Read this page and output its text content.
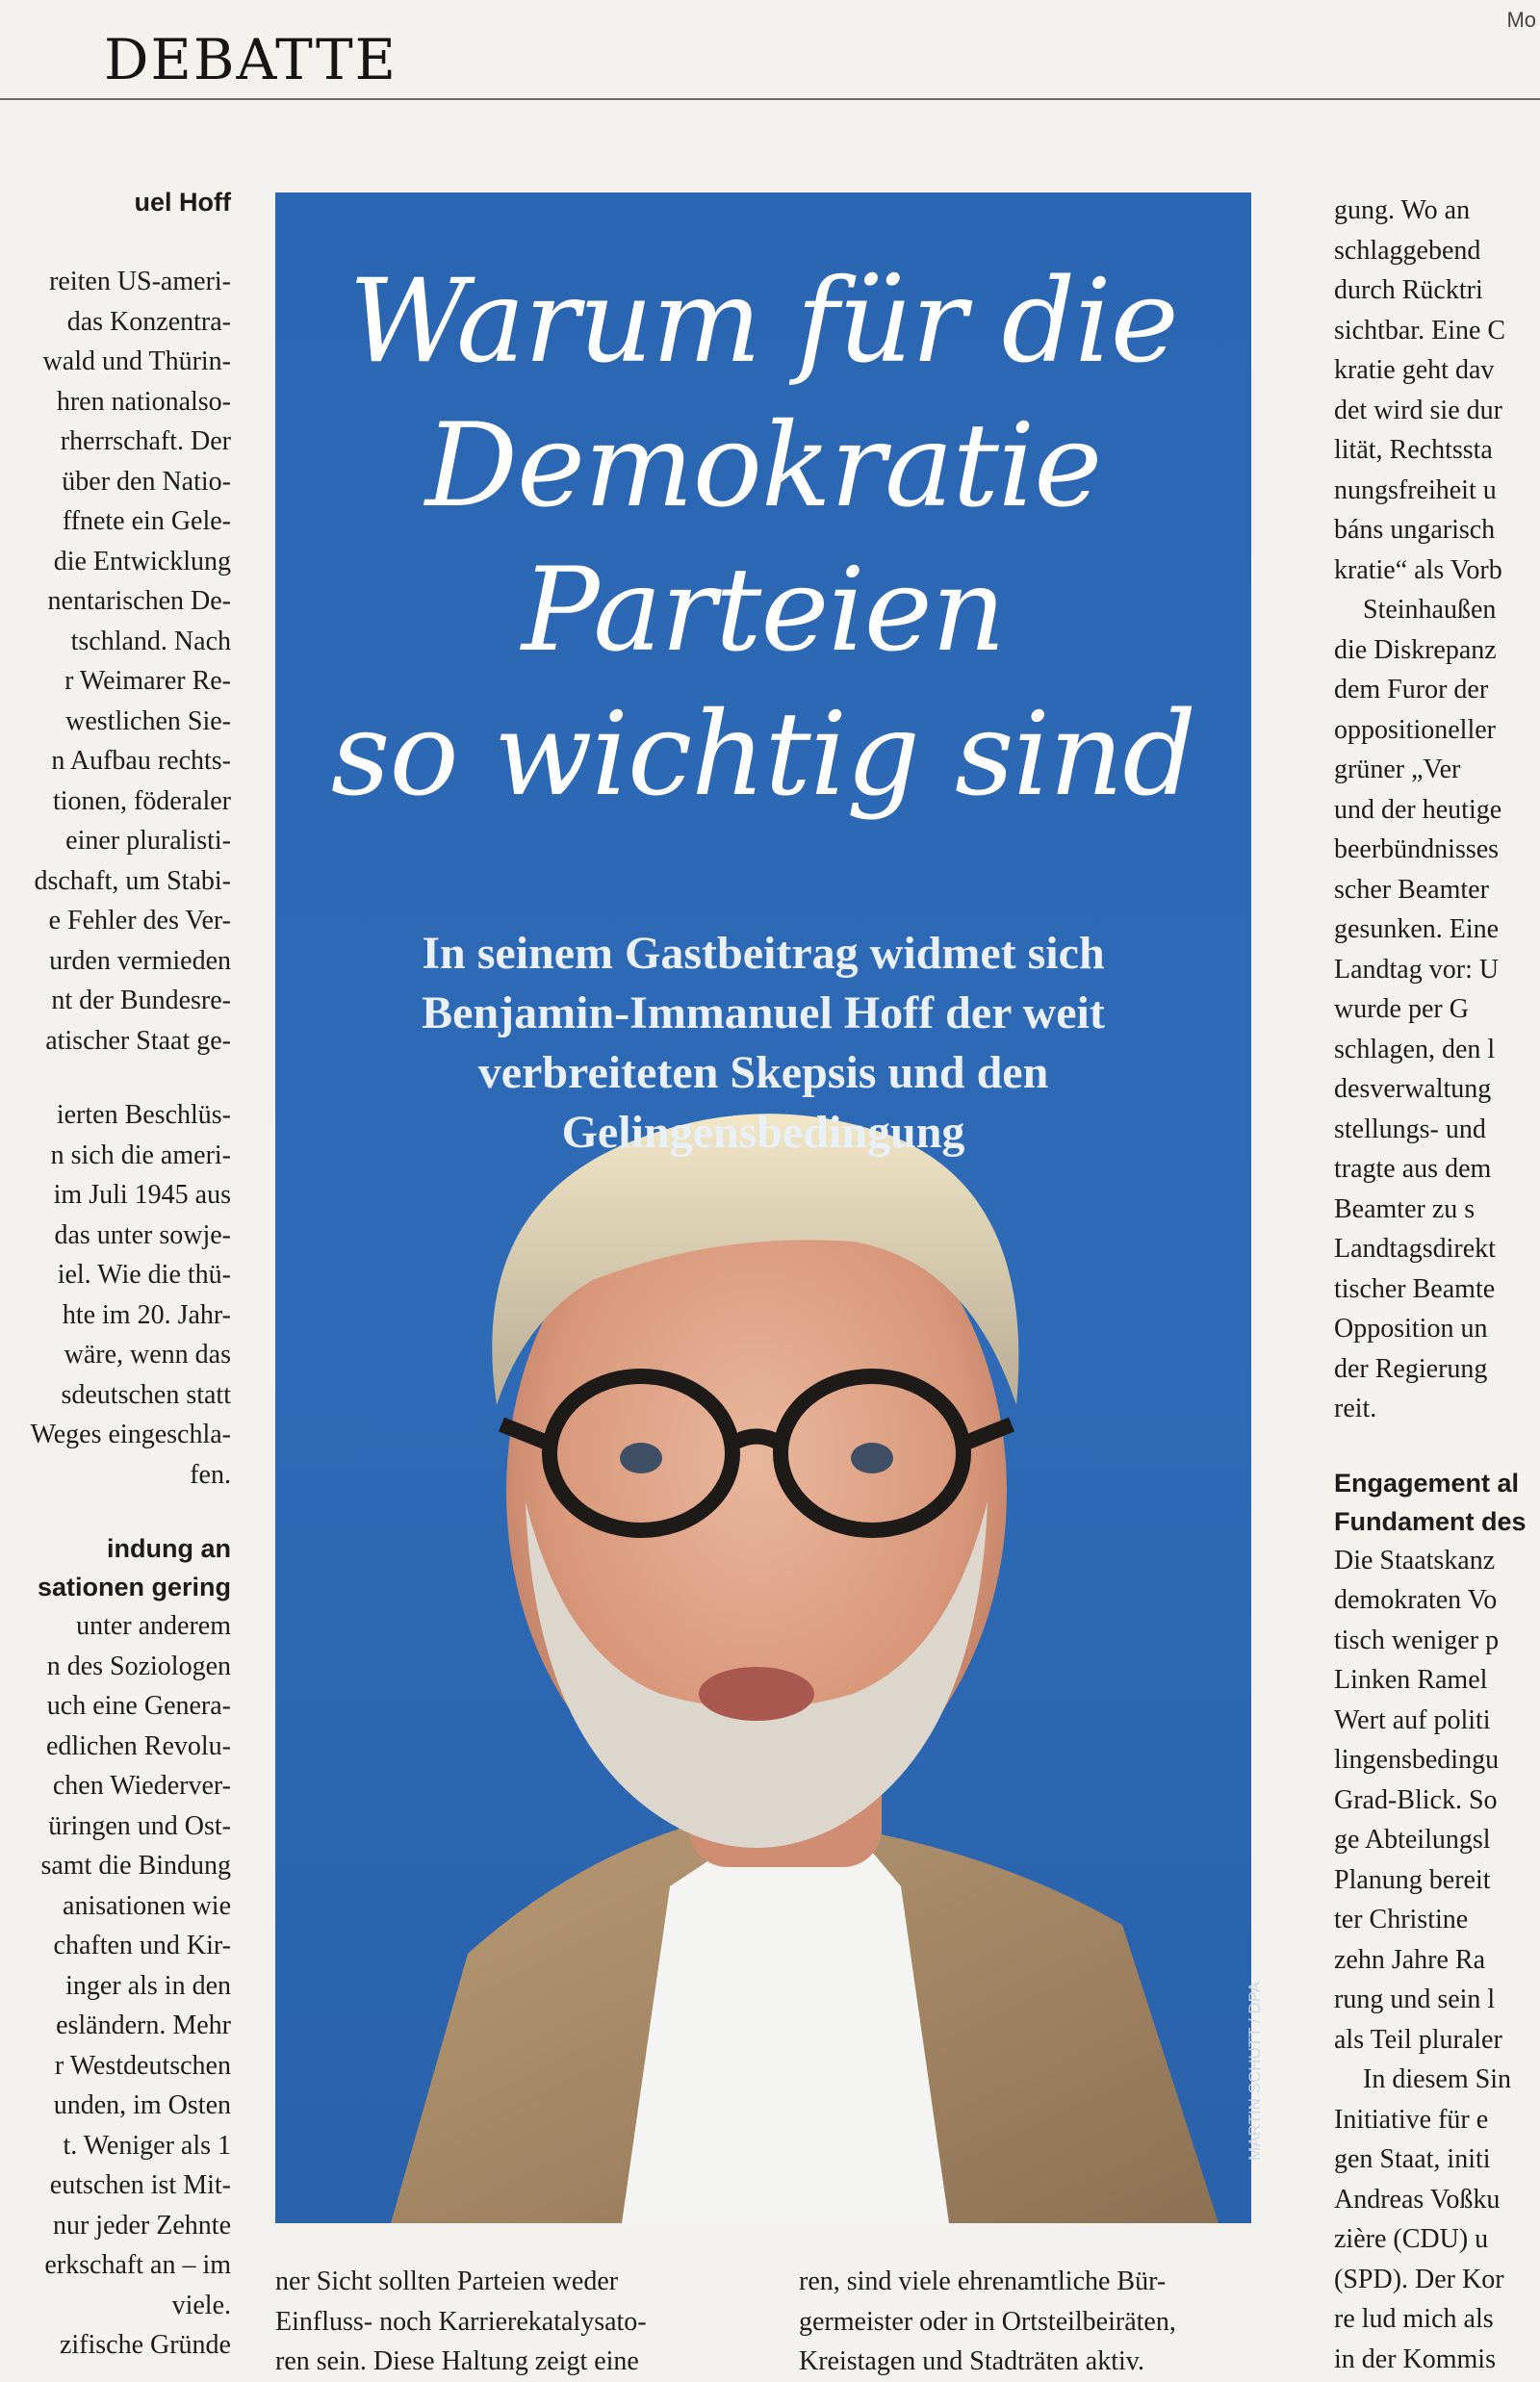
DEBATTE
Mo

uel Hoff

reiten US-ameri-

das Konzentra-

wald und Thürin-

hren nationalso-

rherrschaft. Der

über den Natio-

ffnete ein Gele-

die Entwicklung

nentarischen De-

tschland. Nach

r Weimarer Re-

westlichen Sie-

n Aufbau rechts-

tionen, föderaler

einer pluralisti-

dschaft, um Stabi-

e Fehler des Ver-

urden vermieden

nt der Bundesre-

atischer Staat ge-

ierten Beschlüs-

n sich die ameri-

im Juli 1945 aus

das unter sowje-

iel. Wie die thü-

hte im 20. Jahr-

wäre, wenn das

sdeutschen statt

Weges eingeschla-

fen.

indung an

sationen gering

unter anderem

n des Soziologen

uch eine Genera-

edlichen Revolu-

chen Wiederver-

üringen und Ost-

samt die Bindung

anisationen wie

chaften und Kir-

inger als in den

esländern. Mehr

r Westdeutschen

unden, im Osten

t. Weniger als 1

eutschen ist Mit-

nur jeder Zehnte

erkschaft an – im

viele.

zifische Gründe

Warum für die
Demokratie
Parteien
so wichtig sind
In seinem Gastbeitrag widmet sich
Benjamin-Immanuel Hoff der weit
verbreiteten Skepsis und den
Gelingensbedingung
MARTIN SCHUTT / DPA

ner Sicht sollten Parteien weder

Einfluss- noch Karrierekatalysato-

ren sein. Diese Haltung zeigt eine

ren, sind viele ehrenamtliche Bür-

germeister oder in Ortsteilbeiräten,

Kreistagen und Stadträten aktiv.

gung. Wo an

schlaggebend

durch Rücktri

sichtbar. Eine C

kratie geht dav

det wird sie dur

lität, Rechtssta

nungsfreiheit u

báns ungarisch

kratie“ als Vorb

Steinhaußen

die Diskrepanz

dem Furor der

oppositioneller

grüner „Ver

und der heutige

beerbündnisses

scher Beamter

gesunken. Eine

Landtag vor: U

wurde per G

schlagen, den l

desverwaltung

stellungs- und

tragte aus dem

Beamter zu s

Landtagsdirekt

tischer Beamte

Opposition un

der Regierung

reit.

Engagement al

Fundament des

Die Staatskanz

demokraten Vo

tisch weniger p

Linken Ramel

Wert auf politi

lingensbedingu

Grad-Blick. So

ge Abteilungsl

Planung bereit

ter Christine

zehn Jahre Ra

rung und sein l

als Teil pluraler

In diesem Sin

Initiative für e

gen Staat, initi

Andreas Voßku

zière (CDU) u

(SPD). Der Kor

re lud mich als

in der Kommis
